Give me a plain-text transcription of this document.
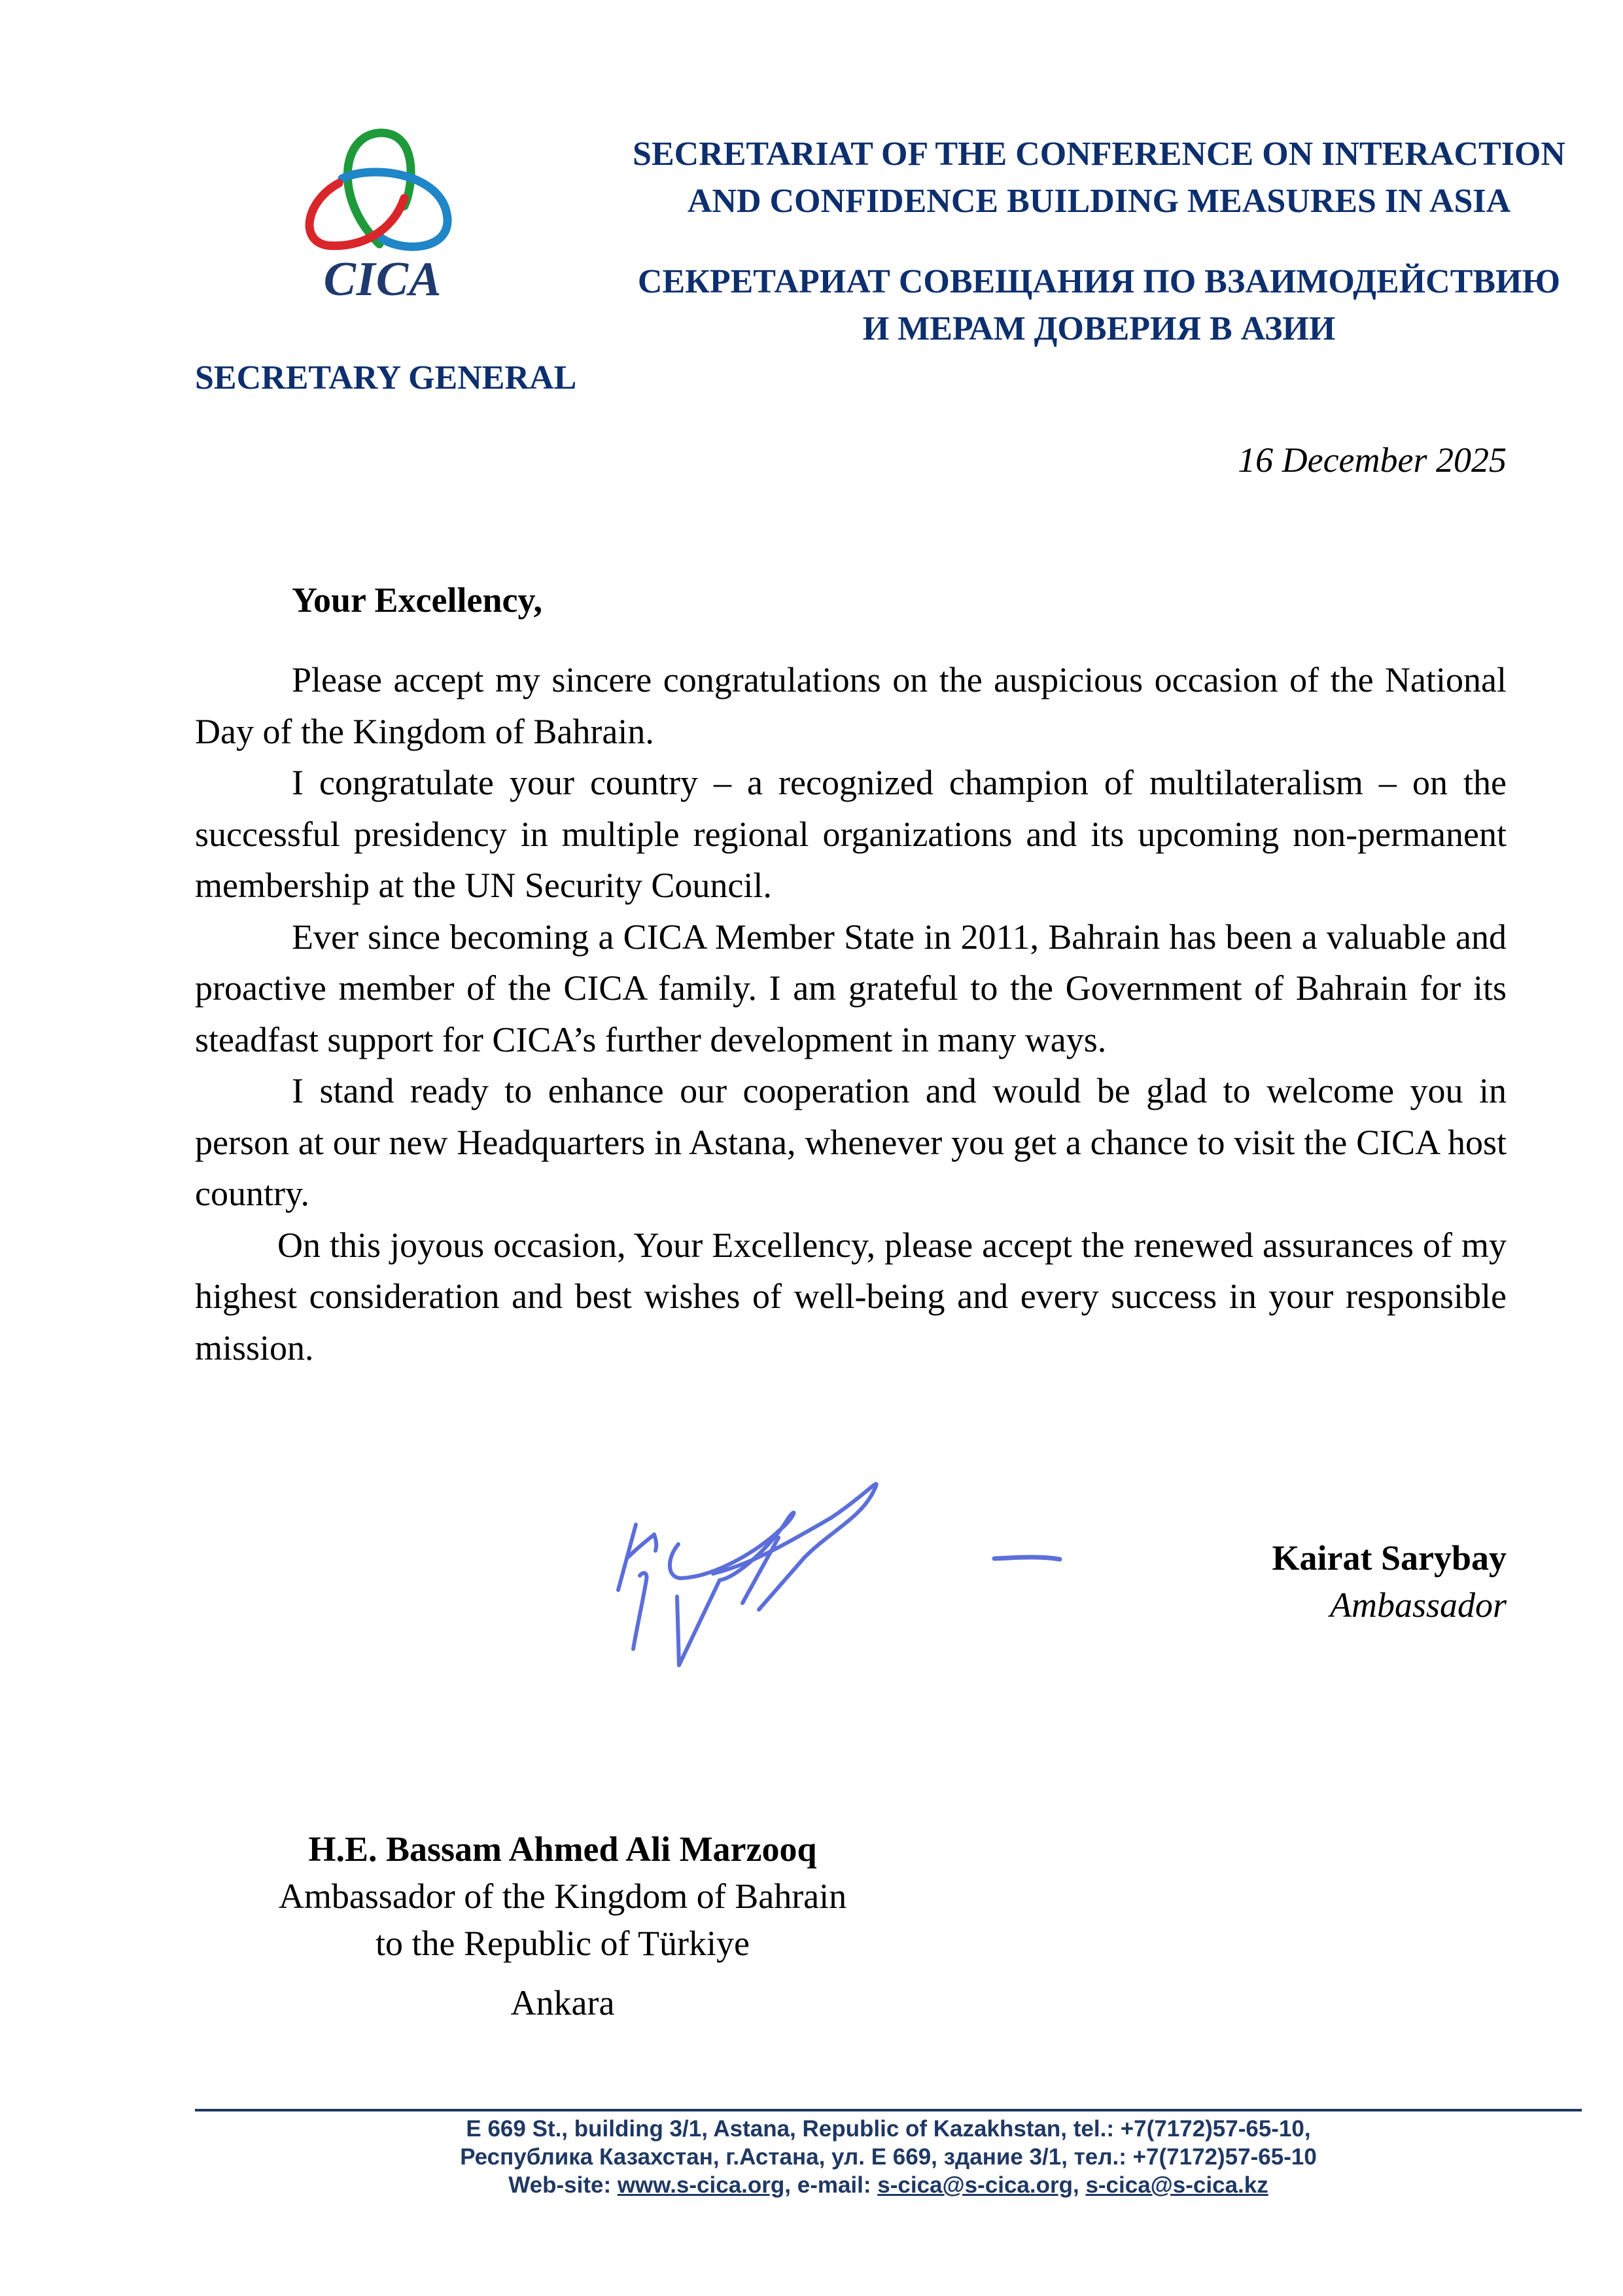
CICA
SECRETARIAT OF THE CONFERENCE ON INTERACTION
AND CONFIDENCE BUILDING MEASURES IN ASIA
СЕКРЕТАРИАТ СОВЕЩАНИЯ ПО ВЗАИМОДЕЙСТВИЮ
И МЕРАМ ДОВЕРИЯ В АЗИИ
SECRETARY GENERAL
16 December 2025
Your Excellency,

Please accept my sincere congratulations on the auspicious occasion of the National Day of the Kingdom of Bahrain.

I congratulate your country – a recognized champion of multilateralism – on the successful presidency in multiple regional organizations and its upcoming non-permanent membership at the UN Security Council.

Ever since becoming a CICA Member State in 2011, Bahrain has been a valuable and proactive member of the CICA family. I am grateful to the Government of Bahrain for its steadfast support for CICA’s further development in many ways.

I stand ready to enhance our cooperation and would be glad to welcome you in person at our new Headquarters in Astana, whenever you get a chance to visit the CICA host country.

On this joyous occasion, Your Excellency, please accept the renewed assurances of my highest consideration and best wishes of well-being and every success in your responsible mission.

Kairat Sarybay
Ambassador
H.E. Bassam Ahmed Ali Marzooq
Ambassador of the Kingdom of Bahrain
to the Republic of Türkiye
Ankara
E 669 St., building 3/1, Astana, Republic of Kazakhstan, tel.: +7(7172)57-65-10,
Республика Казахстан, г.Астана, ул. Е 669, здание 3/1, тел.: +7(7172)57-65-10
Web-site: www.s-cica.org, e-mail: s-cica@s-cica.org, s-cica@s-cica.kz
